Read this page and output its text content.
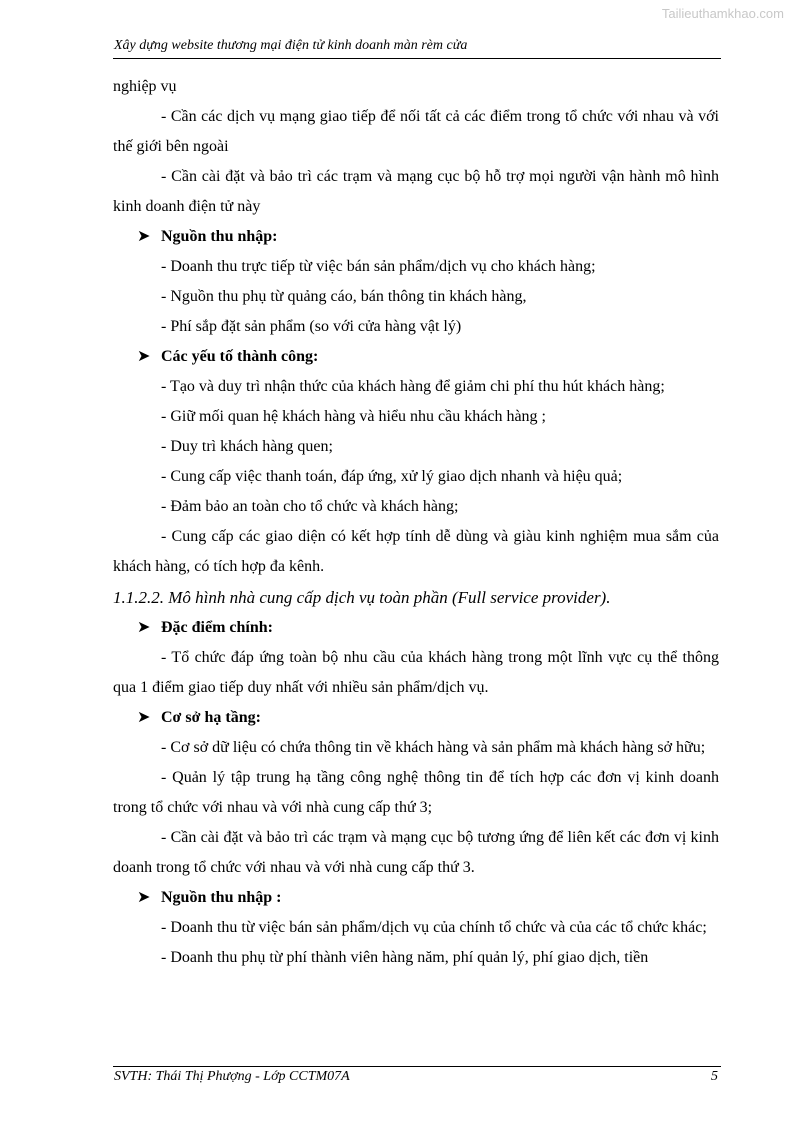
Tailieuthamkhao.com
Xây dựng website thương mại điện tử kinh doanh màn rèm cửa
nghiệp vụ
- Cần các dịch vụ mạng giao tiếp để nối tất cả các điểm trong tổ chức với nhau và với thế giới bên ngoài
- Cần cài đặt và bảo trì các trạm và mạng cục bộ hỗ trợ mọi người vận hành mô hình kinh doanh điện tử này
➤ Nguồn thu nhập:
- Doanh thu trực tiếp từ việc bán sản phẩm/dịch vụ cho khách hàng;
- Nguồn thu phụ từ quảng cáo, bán thông tin khách hàng,
- Phí sắp đặt sản phẩm (so với cửa hàng vật lý)
➤ Các yếu tố thành công:
- Tạo và duy trì nhận thức của khách hàng để giảm chi phí thu hút khách hàng;
- Giữ mối quan hệ khách hàng và hiểu nhu cầu khách hàng ;
- Duy trì khách hàng quen;
- Cung cấp việc thanh toán, đáp ứng, xử lý giao dịch nhanh và hiệu quả;
- Đảm bảo an toàn cho tổ chức và khách hàng;
- Cung cấp các giao diện có kết hợp tính dễ dùng và giàu kinh nghiệm mua sắm của khách hàng, có tích hợp đa kênh.
1.1.2.2. Mô hình nhà cung cấp dịch vụ toàn phần (Full service provider).
➤ Đặc điểm chính:
- Tổ chức đáp ứng toàn bộ nhu cầu của khách hàng trong một lĩnh vực cụ thể thông qua 1 điểm giao tiếp duy nhất với nhiều sản phẩm/dịch vụ.
➤ Cơ sở hạ tầng:
- Cơ sở dữ liệu có chứa thông tin về khách hàng và sản phẩm mà khách hàng sở hữu;
- Quản lý tập trung hạ tầng công nghệ thông tin để tích hợp các đơn vị kinh doanh trong tổ chức với nhau và với nhà cung cấp thứ 3;
- Cần cài đặt và bảo trì các trạm và mạng cục bộ tương ứng để liên kết các đơn vị kinh doanh trong tổ chức với nhau và với nhà cung cấp thứ 3.
➤ Nguồn thu nhập :
- Doanh thu từ việc bán sản phẩm/dịch vụ của chính tổ chức và của các tổ chức khác;
- Doanh thu phụ từ phí thành viên hàng năm, phí quản lý, phí giao dịch, tiền
SVTH: Thái Thị Phượng - Lớp CCTM07A	5
